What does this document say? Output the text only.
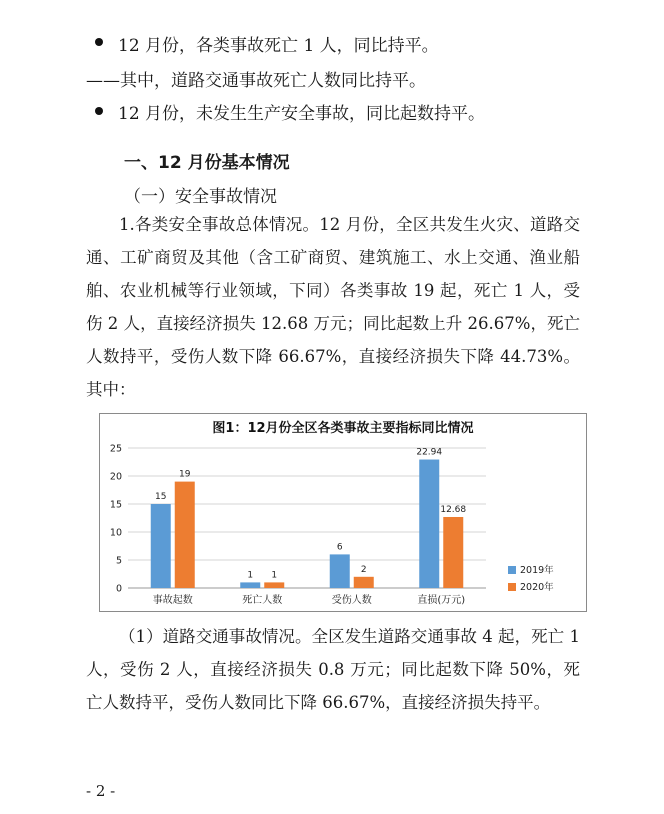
12 月份，各类事故死亡 1 人，同比持平。
——其中，道路交通事故死亡人数同比持平。
12 月份，未发生生产安全事故，同比起数持平。
一、12 月份基本情况
（一）安全事故情况
1.各类安全事故总体情况。12 月份，全区共发生火灾、道路交通、工矿商贸及其他（含工矿商贸、建筑施工、水上交通、渔业船舶、农业机械等行业领域，下同）各类事故 19 起，死亡 1 人，受伤 2 人，直接经济损失 12.68 万元；同比起数上升 26.67%，死亡人数持平，受伤人数下降 66.67%，直接经济损失下降 44.73%。其中：
图1：12月份全区各类事故主要指标同比情况
0
5
10
15
20
25
15
19
事故起数
1 1
死亡人数
6
2
受伤人数
22.94
12.68
直损(万元)
2019年
2020年
（1）道路交通事故情况。全区发生道路交通事故 4 起，死亡 1 人，受伤 2 人，直接经济损失 0.8 万元；同比起数下降 50%，死亡人数持平，受伤人数同比下降 66.67%，直接经济损失持平。
- 2 -
